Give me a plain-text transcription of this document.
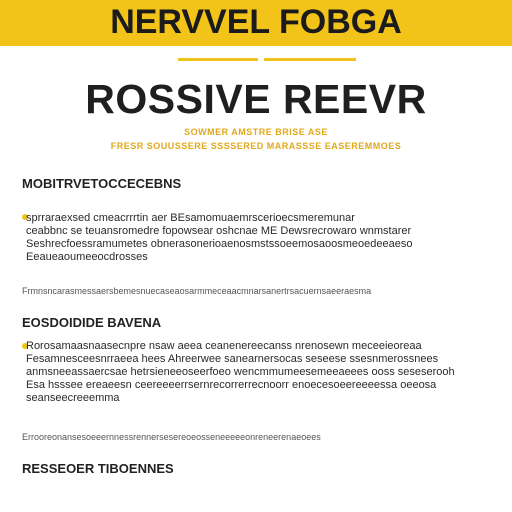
NERVVEL FOBGA
ROSSIVE REEVR
SOWMER AMSTRE BRISE ASE
FRESR SOUUSSERE SSSSERED MARASSSE EASEREMMOES
MOBITRVETOCCECEBNS
sprraraexsed cmeacrrrtin aer BEsamomuaemrscerioecsmeremunar
ceabbnc se teuansromedre fopowsear oshcnae ME Dewsrecrowaro wnmstarer
Seshrecfoessramumetes obnerasonerioaenosmstssoeemosaoosmeoedeeaeso
Eeaueaoumeeocdrosses
Frmnsncarasmessaersbemesnuecaseaosarmmeceaacmnarsanertrsacuernsaeeraesma
EOSDOIDIDE BAVENA
Rorosamaasnaasecnpre nsaw aeea ceanenereecanss nrenosewn meceeieoreaa
Fesamnesceesnrraeea hees Ahreerwee sanearnersocas seseese ssesnmerossnees
anmsneeassaercsae hetrsieneeoseerfoeo wencmmumeesemeeaeees ooss seseserooh
Esa hsssee ereaeesn ceereeeerrsernrecorrerrecnoorr enoecesoeereeeessa oeeosa
seanseecreeemma
Errooreonansesoeeernnessrennersesereoeosseneeeeeonreneerenaeoees
RESSEOER TIBOENNES
